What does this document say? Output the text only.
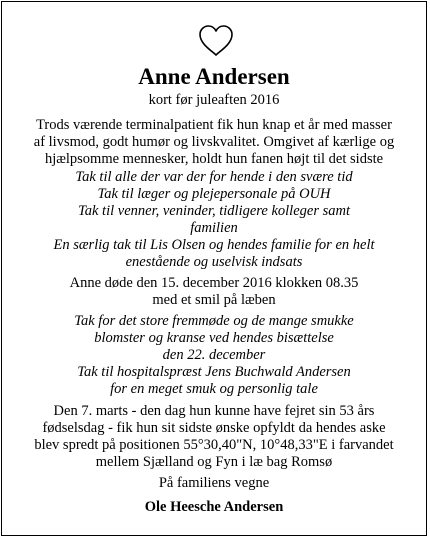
Anne Andersen
kort før juleaften 2016
Trods værende terminalpatient fik hun knap et år med masser
af livsmod, godt humør og livskvalitet. Omgivet af kærlige og
hjælpsomme mennesker, holdt hun fanen højt til det sidste
Tak til alle der var der for hende i den svære tid
Tak til læger og plejepersonale på OUH
Tak til venner, veninder, tidligere kolleger samt
familien
En særlig tak til Lis Olsen og hendes familie for en helt
enestående og uselvisk indsats
Anne døde den 15. december 2016 klokken 08.35
med et smil på læben
Tak for det store fremmøde og de mange smukke
blomster og kranse ved hendes bisættelse
den 22. december
Tak til hospitalspræst Jens Buchwald Andersen
for en meget smuk og personlig tale
Den 7. marts - den dag hun kunne have fejret sin 53 års
fødselsdag - fik hun sit sidste ønske opfyldt da hendes aske
blev spredt på positionen 55°30,40"N, 10°48,33"E i farvandet
mellem Sjælland og Fyn i læ bag Romsø
På familiens vegne
Ole Heesche Andersen
